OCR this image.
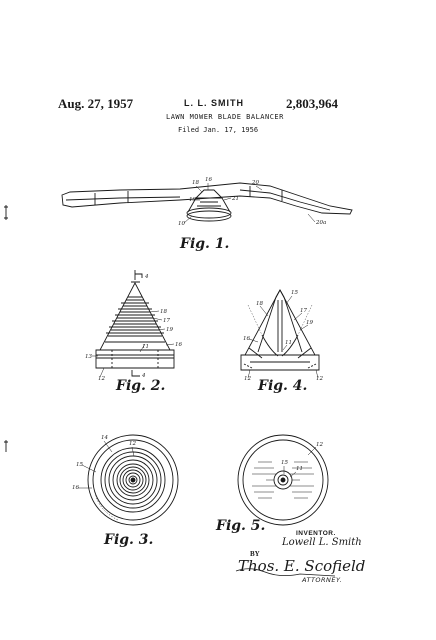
Aug. 27, 1957	L. L. SMITH	2,803,964
LAWN MOWER BLADE BALANCER
Filed Jan. 17, 1956
18 16	20
19	21
10	20a
4
18
17
19
16
11
12
13
4
18
15
17
19
16
11
12	12
14
12
15
16
12
15
11
Fig. 1.
Fig. 2.	Fig. 4.
Fig. 3.
Fig. 5.	INVENTOR.
Lowell L. Smith
BY
Thos. E. Scofield
ATTORNEY.
